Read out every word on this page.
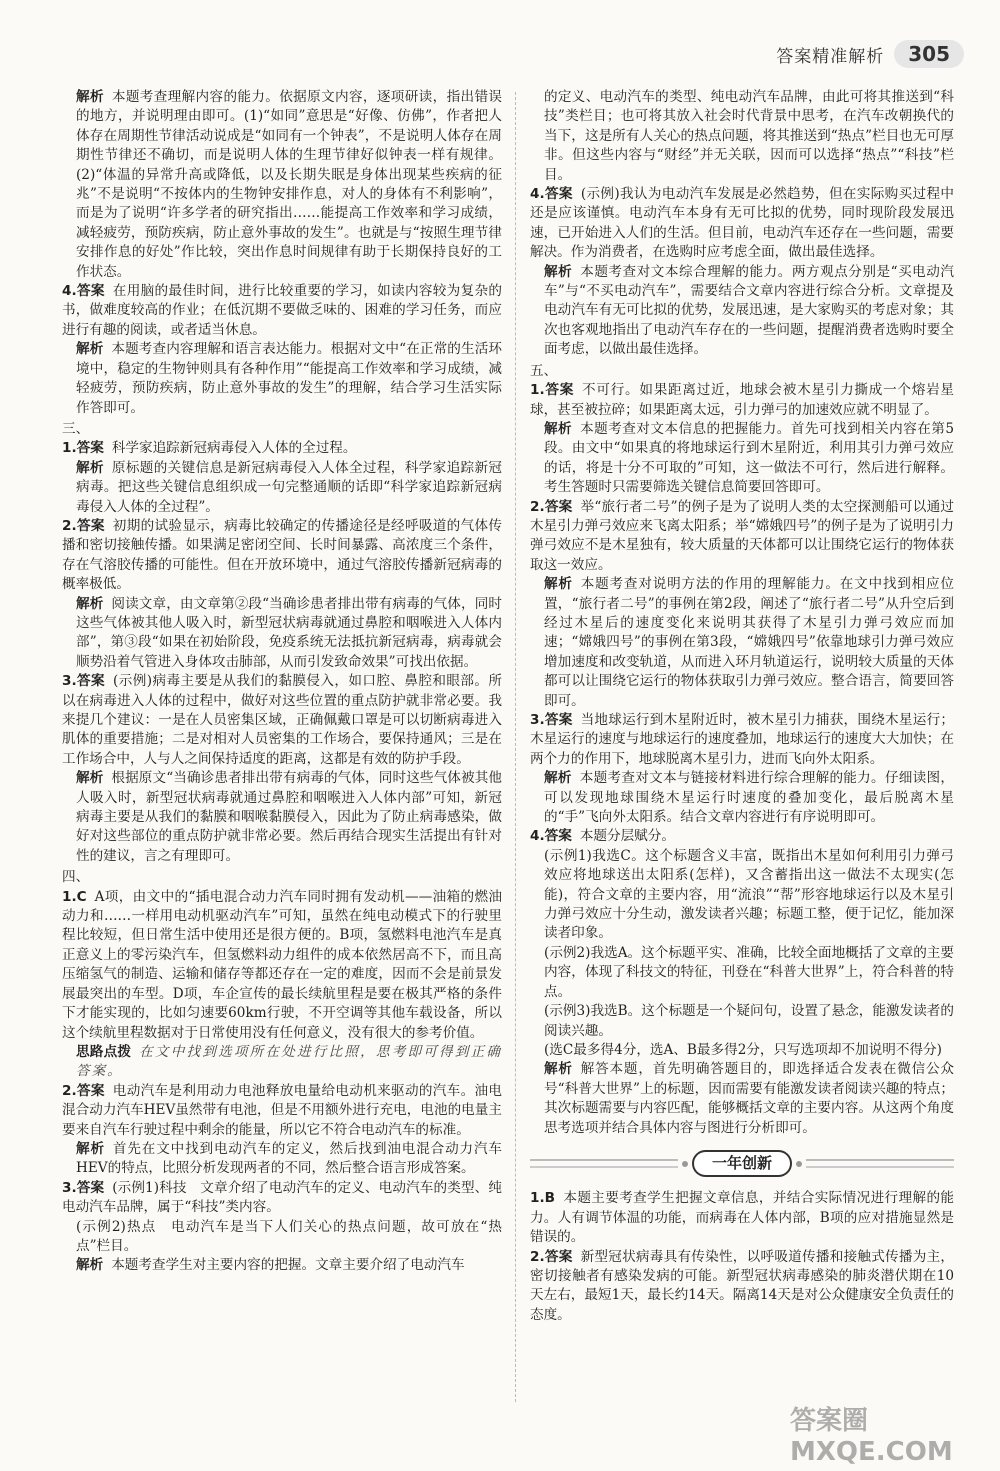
答案精准解析	305

解析 本题考查理解内容的能力。依据原文内容，逐项研读，指出错误的地方，并说明理由即可。(1)“如同”意思是“好像、仿佛”，作者把人体存在周期性节律活动说成是“如同有一个钟表”，不是说明人体存在周期性节律还不确切，而是说明人体的生理节律好似钟表一样有规律。(2)“体温的异常升高或降低，以及长期失眠是身体出现某些疾病的征兆”不是说明“不按体内的生物钟安排作息，对人的身体有不利影响”，而是为了说明“许多学者的研究指出……能提高工作效率和学习成绩，减轻疲劳，预防疾病，防止意外事故的发生”。也就是与“按照生理节律安排作息的好处”作比较，突出作息时间规律有助于长期保持良好的工作状态。

4.答案 在用脑的最佳时间，进行比较重要的学习，如读内容较为复杂的书，做难度较高的作业；在低沉期不要做乏味的、困难的学习任务，而应进行有趣的阅读，或者适当休息。

解析 本题考查内容理解和语言表达能力。根据对文中“在正常的生活环境中，稳定的生物钟则具有各种作用”“能提高工作效率和学习成绩，减轻疲劳，预防疾病，防止意外事故的发生”的理解，结合学习生活实际作答即可。

三、

1.答案 科学家追踪新冠病毒侵入人体的全过程。

解析 原标题的关键信息是新冠病毒侵入人体全过程，科学家追踪新冠病毒。把这些关键信息组织成一句完整通顺的话即“科学家追踪新冠病毒侵入人体的全过程”。

2.答案 初期的试验显示，病毒比较确定的传播途径是经呼吸道的气体传播和密切接触传播。如果满足密闭空间、长时间暴露、高浓度三个条件，存在气溶胶传播的可能性。但在开放环境中，通过气溶胶传播新冠病毒的概率极低。

解析 阅读文章，由文章第②段“当确诊患者排出带有病毒的气体，同时这些气体被其他人吸入时，新型冠状病毒就通过鼻腔和咽喉进入人体内部”，第③段“如果在初始阶段，免疫系统无法抵抗新冠病毒，病毒就会顺势沿着气管进入身体攻击肺部，从而引发致命效果”可找出依据。

3.答案 (示例)病毒主要是从我们的黏膜侵入，如口腔、鼻腔和眼部。所以在病毒进入人体的过程中，做好对这些位置的重点防护就非常必要。我来提几个建议：一是在人员密集区域，正确佩戴口罩是可以切断病毒进入肌体的重要措施；二是对相对人员密集的工作场合，要保持通风；三是在工作场合中，人与人之间保持适度的距离，这都是有效的防护手段。

解析 根据原文“当确诊患者排出带有病毒的气体，同时这些气体被其他人吸入时，新型冠状病毒就通过鼻腔和咽喉进入人体内部”可知，新冠病毒主要是从我们的黏膜和咽喉黏膜侵入，因此为了防止病毒感染，做好对这些部位的重点防护就非常必要。然后再结合现实生活提出有针对性的建议，言之有理即可。

四、

1.C A项，由文中的“插电混合动力汽车同时拥有发动机——油箱的燃油动力和……一样用电动机驱动汽车”可知，虽然在纯电动模式下的行驶里程比较短，但日常生活中使用还是很方便的。B项，氢燃料电池汽车是真正意义上的零污染汽车，但氢燃料动力组件的成本依然居高不下，而且高压缩氢气的制造、运输和储存等都还存在一定的难度，因而不会是前景发展最突出的车型。D项，车企宣传的最长续航里程是要在极其严格的条件下才能实现的，比如匀速要60km行驶，不开空调等其他车载设备，所以这个续航里程数据对于日常使用没有任何意义，没有很大的参考价值。

思路点拨 在文中找到选项所在处进行比照，思考即可得到正确答案。

2.答案 电动汽车是利用动力电池释放电量给电动机来驱动的汽车。油电混合动力汽车HEV虽然带有电池，但是不用额外进行充电，电池的电量主要来自汽车行驶过程中剩余的能量，所以它不符合电动汽车的标准。

解析 首先在文中找到电动汽车的定义，然后找到油电混合动力汽车HEV的特点，比照分析发现两者的不同，然后整合语言形成答案。

3.答案 (示例1)科技　文章介绍了电动汽车的定义、电动汽车的类型、纯电动汽车品牌，属于“科技”类内容。

(示例2)热点　电动汽车是当下人们关心的热点问题，故可放在“热点”栏目。

解析 本题考查学生对主要内容的把握。文章主要介绍了电动汽车

的定义、电动汽车的类型、纯电动汽车品牌，由此可将其推送到“科技”类栏目；也可将其放入社会时代背景中思考，在汽车改朝换代的当下，这是所有人关心的热点问题，将其推送到“热点”栏目也无可厚非。但这些内容与“财经”并无关联，因而可以选择“热点”“科技”栏目。

4.答案 (示例)我认为电动汽车发展是必然趋势，但在实际购买过程中还是应该谨慎。电动汽车本身有无可比拟的优势，同时现阶段发展迅速，已开始进入人们的生活。但目前，电动汽车还存在一些问题，需要解决。作为消费者，在选购时应考虑全面，做出最佳选择。

解析 本题考查对文本综合理解的能力。两方观点分别是“买电动汽车”与“不买电动汽车”，需要结合文章内容进行综合分析。文章提及电动汽车有无可比拟的优势，发展迅速，是大家购买的考虑对象；其次也客观地指出了电动汽车存在的一些问题，提醒消费者选购时要全面考虑，以做出最佳选择。

五、

1.答案 不可行。如果距离过近，地球会被木星引力撕成一个熔岩星球，甚至被拉碎；如果距离太远，引力弹弓的加速效应就不明显了。

解析 本题考查对文本信息的把握能力。首先可找到相关内容在第5段。由文中“如果真的将地球运行到木星附近，利用其引力弹弓效应的话，将是十分不可取的”可知，这一做法不可行，然后进行解释。考生答题时只需要筛选关键信息简要回答即可。

2.答案 举“旅行者二号”的例子是为了说明人类的太空探测船可以通过木星引力弹弓效应来飞离太阳系；举“嫦娥四号”的例子是为了说明引力弹弓效应不是木星独有，较大质量的天体都可以让围绕它运行的物体获取这一效应。

解析 本题考查对说明方法的作用的理解能力。在文中找到相应位置，“旅行者二号”的事例在第2段，阐述了“旅行者二号”从升空后到经过木星后的速度变化来说明其获得了木星引力弹弓效应而加速；“嫦娥四号”的事例在第3段，“嫦娥四号”依靠地球引力弹弓效应增加速度和改变轨道，从而进入环月轨道运行，说明较大质量的天体都可以让围绕它运行的物体获取引力弹弓效应。整合语言，简要回答即可。

3.答案 当地球运行到木星附近时，被木星引力捕获，围绕木星运行；木星运行的速度与地球运行的速度叠加，地球运行的速度大大加快；在两个力的作用下，地球脱离木星引力，进而飞向外太阳系。

解析 本题考查对文本与链接材料进行综合理解的能力。仔细读图，可以发现地球围绕木星运行时速度的叠加变化，最后脱离木星的“手”飞向外太阳系。结合文章内容进行有序说明即可。

4.答案 本题分层赋分。

(示例1)我选C。这个标题含义丰富，既指出木星如何利用引力弹弓效应将地球送出太阳系(怎样)，又含蓄指出这一做法不太现实(怎能)，符合文章的主要内容，用“流浪”“帮”形容地球运行以及木星引力弹弓效应十分生动，激发读者兴趣；标题工整，便于记忆，能加深读者印象。

(示例2)我选A。这个标题平实、准确，比较全面地概括了文章的主要内容，体现了科技文的特征，刊登在“科普大世界”上，符合科普的特点。

(示例3)我选B。这个标题是一个疑问句，设置了悬念，能激发读者的阅读兴趣。

(选C最多得4分，选A、B最多得2分，只写选项却不加说明不得分)

解析 解答本题，首先明确答题目的，即选择适合发表在微信公众号“科普大世界”上的标题，因而需要有能激发读者阅读兴趣的特点；其次标题需要与内容匹配，能够概括文章的主要内容。从这两个角度思考选项并结合具体内容与图进行分析即可。

一年创新

1.B 本题主要考查学生把握文章信息，并结合实际情况进行理解的能力。人有调节体温的功能，而病毒在人体内部，B项的应对措施显然是错误的。

2.答案 新型冠状病毒具有传染性，以呼吸道传播和接触式传播为主，密切接触者有感染发病的可能。新型冠状病毒感染的肺炎潜伏期在10天左右，最短1天，最长约14天。隔离14天是对公众健康安全负责任的态度。

答案圈 MXQE.COM
